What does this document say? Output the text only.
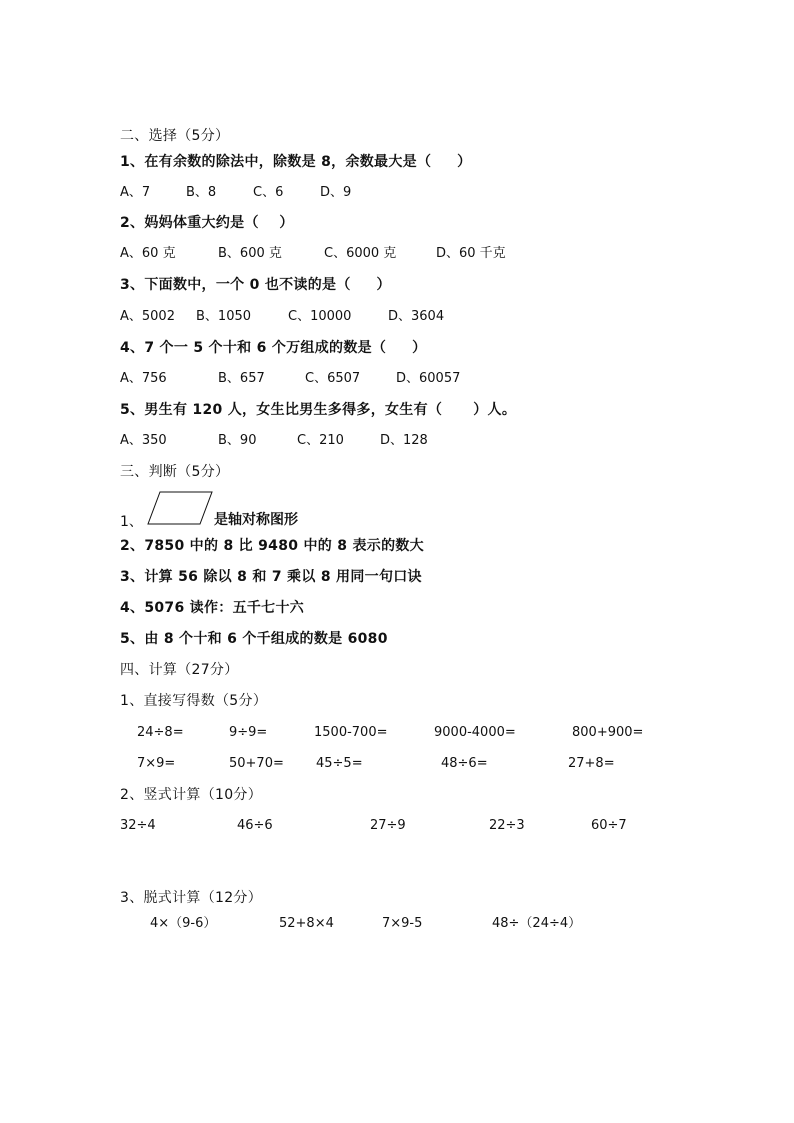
二、选择（5分）
1、在有余数的除法中，除数是 8，余数最大是（     ）
A、7	B、8	C、6	D、9
2、妈妈体重大约是（    ）
A、60 克	B、600 克	C、6000 克	D、60 千克
3、下面数中，一个 0 也不读的是（     ）
A、5002 B、1050	C、10000	D、3604
4、7 个一 5 个十和 6 个万组成的数是（     ）
A、756	B、657	C、6507	D、60057
5、男生有 120 人，女生比男生多得多，女生有（      ）人。
A、350	B、90	C、210	D、128
三、判断（5分）
1、	是轴对称图形
2、7850 中的 8 比 9480 中的 8 表示的数大
3、计算 56 除以 8 和 7 乘以 8 用同一句口诀
4、5076 读作：五千七十六
5、由 8 个十和 6 个千组成的数是 6080
四、计算（27分）
1、直接写得数（5分）
24÷8=	9÷9=	1500-700=	9000-4000=	800+900=
7×9=	50+70= 45÷5=	48÷6=	27+8=
2、竖式计算（10分）
32÷4	46÷6	27÷9	22÷3	60÷7
3、脱式计算（12分）
4×（9-6）	52+8×4	7×9-5	48÷（24÷4）
